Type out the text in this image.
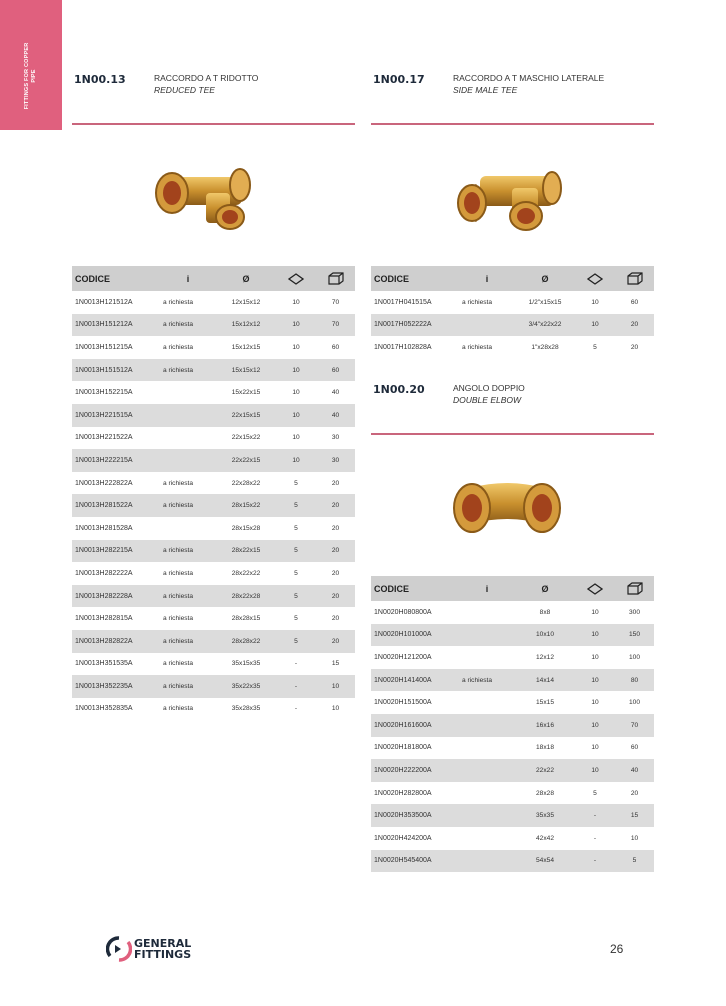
FITTINGS FOR COPPER PIPE	1N00.13	RACCORDO A T RIDOTTO
REDUCED TEE
CODICE	i	Ø		
1N0013H121512A	a richiesta	12x15x12	10	70
1N0013H151212A	a richiesta	15x12x12	10	70
1N0013H151215A	a richiesta	15x12x15	10	60
1N0013H151512A	a richiesta	15x15x12	10	60
1N0013H152215A		15x22x15	10	40
1N0013H221515A		22x15x15	10	40
1N0013H221522A		22x15x22	10	30
1N0013H222215A		22x22x15	10	30
1N0013H222822A	a richiesta	22x28x22	5	20
1N0013H281522A	a richiesta	28x15x22	5	20
1N0013H281528A		28x15x28	5	20
1N0013H282215A	a richiesta	28x22x15	5	20
1N0013H282222A	a richiesta	28x22x22	5	20
1N0013H282228A	a richiesta	28x22x28	5	20
1N0013H282815A	a richiesta	28x28x15	5	20
1N0013H282822A	a richiesta	28x28x22	5	20
1N0013H351535A	a richiesta	35x15x35	-	15
1N0013H352235A	a richiesta	35x22x35	-	10
1N0013H352835A	a richiesta	35x28x35	-	10
1N00.17	RACCORDO A T MASCHIO LATERALE
SIDE MALE TEE
CODICE	i	Ø		
1N0017H041515A	a richiesta	1/2"x15x15	10	60
1N0017H052222A		3/4"x22x22	10	20
1N0017H102828A	a richiesta	1"x28x28	5	20
1N00.20	ANGOLO DOPPIO
DOUBLE ELBOW
CODICE	i	Ø		
1N0020H080800A		8x8	10	300
1N0020H101000A		10x10	10	150
1N0020H121200A		12x12	10	100
1N0020H141400A	a richiesta	14x14	10	80
1N0020H151500A		15x15	10	100
1N0020H161600A		16x16	10	70
1N0020H181800A		18x18	10	60
1N0020H222200A		22x22	10	40
1N0020H282800A		28x28	5	20
1N0020H353500A		35x35	-	15
1N0020H424200A		42x42	-	10
1N0020H545400A		54x54	-	5
GENERAL
FITTINGS	26
